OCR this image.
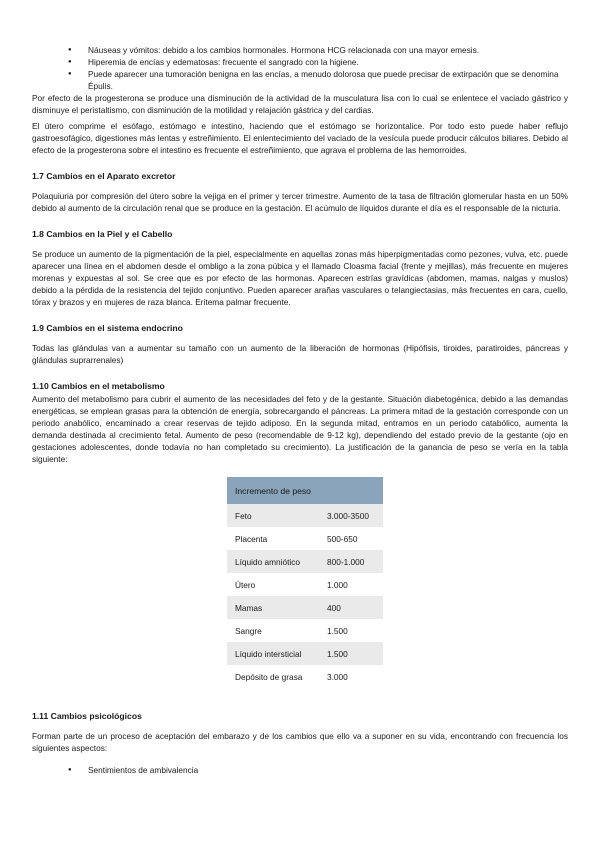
● Náuseas y vómitos: debido a los cambios hormonales. Hormona HCG relacionada con una mayor emesis.
● Hiperemia de encías y edematosas: frecuente el sangrado con la higiene.
● Puede aparecer una tumoración benigna en las encías, a menudo dolorosa que puede precisar de extirpación que se denomina Épulis.

Por efecto de la progesterona se produce una disminución de la actividad de la musculatura lisa con lo cual se enlentece el vaciado gástrico y disminuye el peristaltismo, con disminución de la motilidad y relajación gástrica y del cardias.

El útero comprime el esófago, estómago e intestino, haciendo que el estómago se horizontalice. Por todo esto puede haber reflujo gastroesofágico, digestiones más lentas y estreñimiento. El enlentecimiento del vaciado de la vesícula puede producir cálculos biliares. Debido al efecto de la progesterona sobre el intestino es frecuente el estreñimiento, que agrava el problema de las hemorroides.

1.7 Cambios en el Aparato excretor

Polaquiuria por compresión del útero sobre la vejiga en el primer y tercer trimestre. Aumento de la tasa de filtración glomerular hasta en un 50% debido al aumento de la circulación renal que se produce en la gestación. El acúmulo de líquidos durante el día es el responsable de la nicturia.

1.8 Cambios en la Piel y el Cabello

Se produce un aumento de la pigmentación de la piel, especialmente en aquellas zonas más hiperpigmentadas como pezones, vulva, etc. puede aparecer una línea en el abdomen desde el ombligo a la zona púbica y el llamado Cloasma facial (frente y mejillas), más frecuente en mujeres morenas y expuestas al sol. Se cree que es por efecto de las hormonas. Aparecen estrías gravídicas (abdomen, mamas, nalgas y muslos) debido a la pérdida de la resistencia del tejido conjuntivo. Pueden aparecer arañas vasculares o telangiectasias, más frecuentes en cara, cuello, tórax y brazos y en mujeres de raza blanca. Eritema palmar frecuente.

1.9 Cambios en el sistema endocrino

Todas las glándulas van a aumentar su tamaño con un aumento de la liberación de hormonas (Hipófisis, tiroides, paratiroides, páncreas y glándulas suprarrenales)

1.10 Cambios en el metabolismo

Aumento del metabolismo para cubrir el aumento de las necesidades del feto y de la gestante. Situación diabetogénica, debido a las demandas energéticas, se emplean grasas para la obtención de energía, sobrecargando el páncreas. La primera mitad de la gestación corresponde con un periodo anabólico, encaminado a crear reservas de tejido adiposo. En la segunda mitad, entramos en un periodo catabólico, aumenta la demanda destinada al crecimiento fetal. Aumento de peso (recomendable de 9-12 kg), dependiendo del estado previo de la gestante (ojo en gestaciones adolescentes, donde todavía no han completado su crecimiento). La justificación de la ganancia de peso se vería en la tabla siguiente:

Incremento de peso	
Feto	3.000-3500
Placenta	500-650
Líquido amniótico	800-1.000
Útero	1.000
Mamas	400
Sangre	1.500
Líquido intersticial	1.500
Depósito de grasa	3.000
1.11 Cambios psicológicos

Forman parte de un proceso de aceptación del embarazo y de los cambios que ello va a suponer en su vida, encontrando con frecuencia los siguientes aspectos:

● Sentimientos de ambivalencia
